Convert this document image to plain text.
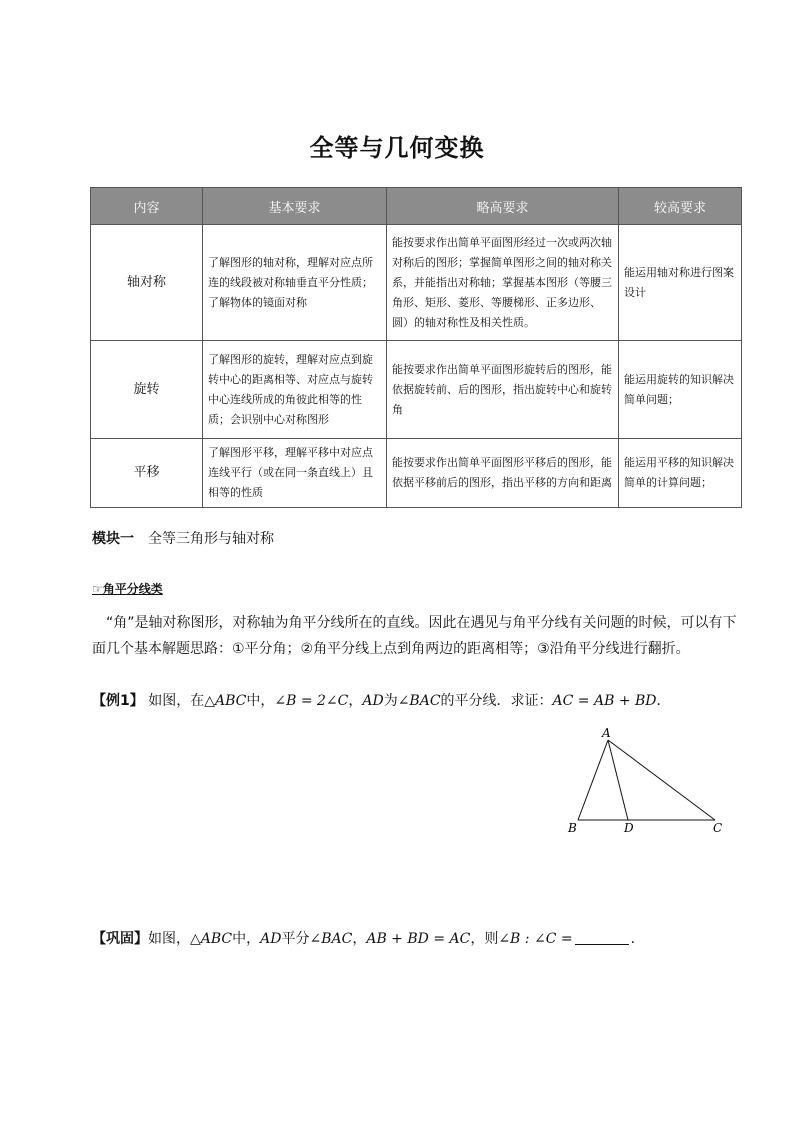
全等与几何变换
内容	基本要求	略高要求	较高要求
轴对称	了解图形的轴对称，理解对应点所连的线段被对称轴垂直平分性质；了解物体的镜面对称	能按要求作出简单平面图形经过一次或两次轴对称后的图形；掌握简单图形之间的轴对称关系，并能指出对称轴；掌握基本图形（等腰三角形、矩形、菱形、等腰梯形、正多边形、圆）的轴对称性及相关性质。	能运用轴对称进行图案设计
旋转	了解图形的旋转，理解对应点到旋转中心的距离相等、对应点与旋转中心连线所成的角彼此相等的性质；会识别中心对称图形	能按要求作出简单平面图形旋转后的图形，能依据旋转前、后的图形，指出旋转中心和旋转角	能运用旋转的知识解决简单问题；
平移	了解图形平移，理解平移中对应点连线平行（或在同一条直线上）且相等的性质	能按要求作出简单平面图形平移后的图形，能依据平移前后的图形，指出平移的方向和距离	能运用平移的知识解决简单的计算问题；
模块一 全等三角形与轴对称
☞角平分线类
“角”是轴对称图形，对称轴为角平分线所在的直线。因此在遇见与角平分线有关问题的时候，可以有下面几个基本解题思路：①平分角；②角平分线上点到角两边的距离相等；③沿角平分线进行翻折。
【例1】 如图，在△ABC中，∠B = 2∠C，AD为∠BAC的平分线．求证：AC = AB + BD．
A
B	D	C
【巩固】如图，△ABC中，AD平分∠BAC，AB + BD = AC，则∠B : ∠C =	．
